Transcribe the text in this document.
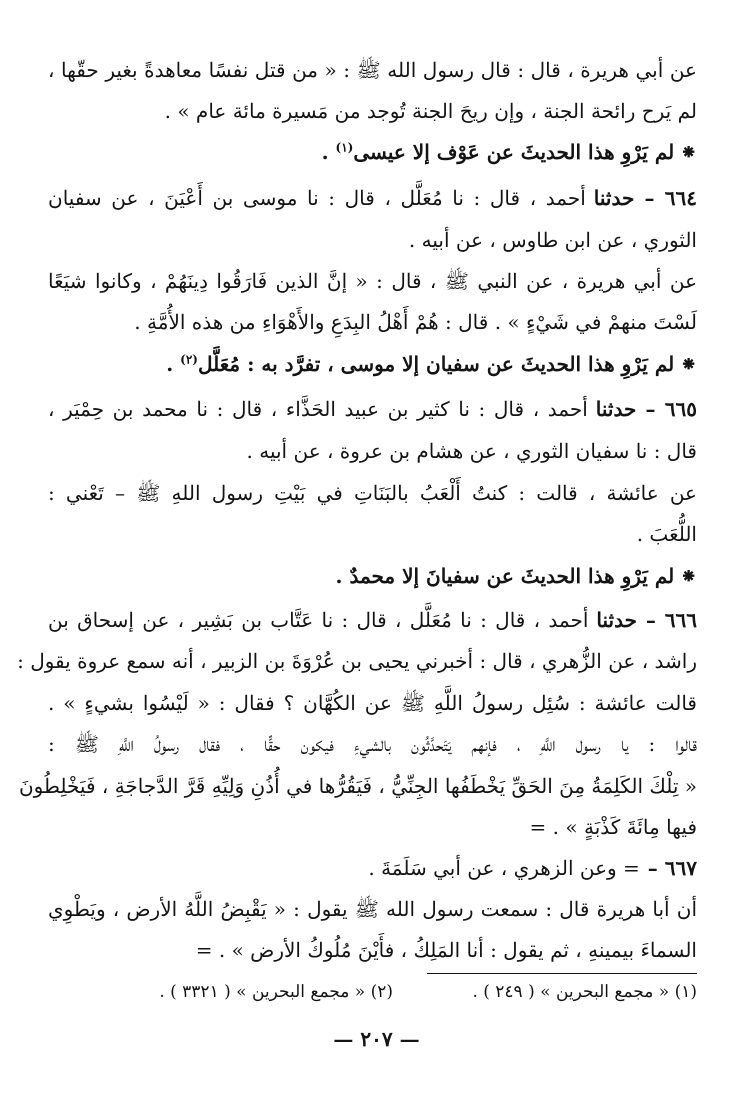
عن أبي هريرة ، قال : قال رسول الله ﷺ : « من قتل نفسًا معاهدةً بغير حقّها ،
لم يَرح رائحة الجنة ، وإن ريحَ الجنة تُوجد من مَسيرة مائة عام » .
⁕لم يَرْوِ هذا الحديثَ عن عَوْف إلا عيسى$^{(١)}$ .
٦٦٤ – حدثناأحمد ، قال : نا مُعَلَّل ، قال : نا موسى بن أَعْيَنَ ، عن سفيان
الثوري ، عن ابن طاوس ، عن أبيه .
عن أبي هريرة ، عن النبي ﷺ ، قال : « إنَّ الذين فَارَقُوا دِينَهُمْ ، وكانوا شيَعًا
لَسْتَ منهمْ في شَيْءٍ » . قال : هُمْ أَهْلُ البِدَعِ والأَهْوَاءِ من هذه الأُمَّةِ .
⁕لم يَرْوِ هذا الحديثَ عن سفيان إلا موسى ، تفرَّد به : مُعَلَّل$^{(٢)}$ .
٦٦٥ – حدثناأحمد ، قال : نا كثير بن عبيد الحَذَّاء ، قال : نا محمد بن حِمْيَر ،
قال : نا سفيان الثوري ، عن هشام بن عروة ، عن أبيه .
عن عائشة ، قالت : كنتُ أَلْعَبُ بالبَنَاتِ في بَيْتِ رسول اللهِ ﷺ – تَعْني :
اللُّعَبَ .
⁕لم يَرْوِ هذا الحديثَ عن سفيانَ إلا محمدٌ .
٦٦٦ – حدثناأحمد ، قال : نا مُعَلَّل ، قال : نا عَتَّاب بن بَشِير ، عن إسحاق بن
راشد ، عن الزُّهري ، قال : أخبرني يحيى بن عُرْوَةَ بن الزبير ، أنه سمع عروة يقول :
قالت عائشة : سُئِل رسولُ اللَّهِ ﷺ عن الكُهَّان ؟ فقال : « لَيْسُوا بشيءٍ » .
قالوا : يا رسول اللَّهِ ، فإنهم يَتَحدَّثُون بالشيءِ فيكون حقًّا ، فقال رسولُ اللَّهِ ﷺ :
« تِلْكَ الكَلِمَةُ مِنَ الحَقِّ يَخْطَفُها الجِنِّيُّ ، فَيَقُرُّها في أُذُنِ وَلِيِّهِ قَرَّ الدَّجاجَةِ ، فَيَخْلِطُونَ
فيها مِائَةَ كَذْبَةٍ » . =
٦٦٧ –= وعن الزهري ، عن أبي سَلَمَةَ .
أن أبا هريرة قال : سمعت رسول الله ﷺ يقول : « يَقْبِضُ اللَّهُ الأرض ، ويَطْوِي
السماءَ بيمينهِ ، ثم يقول : أنا المَلِكُ ، فأَيْنَ مُلُوكُ الأرض » . =
(١) « مجمع البحرين » ( ٢٤٩ ) .
(٢) « مجمع البحرين » ( ٣٣٢١ ) .
— ٢٠٧ —
